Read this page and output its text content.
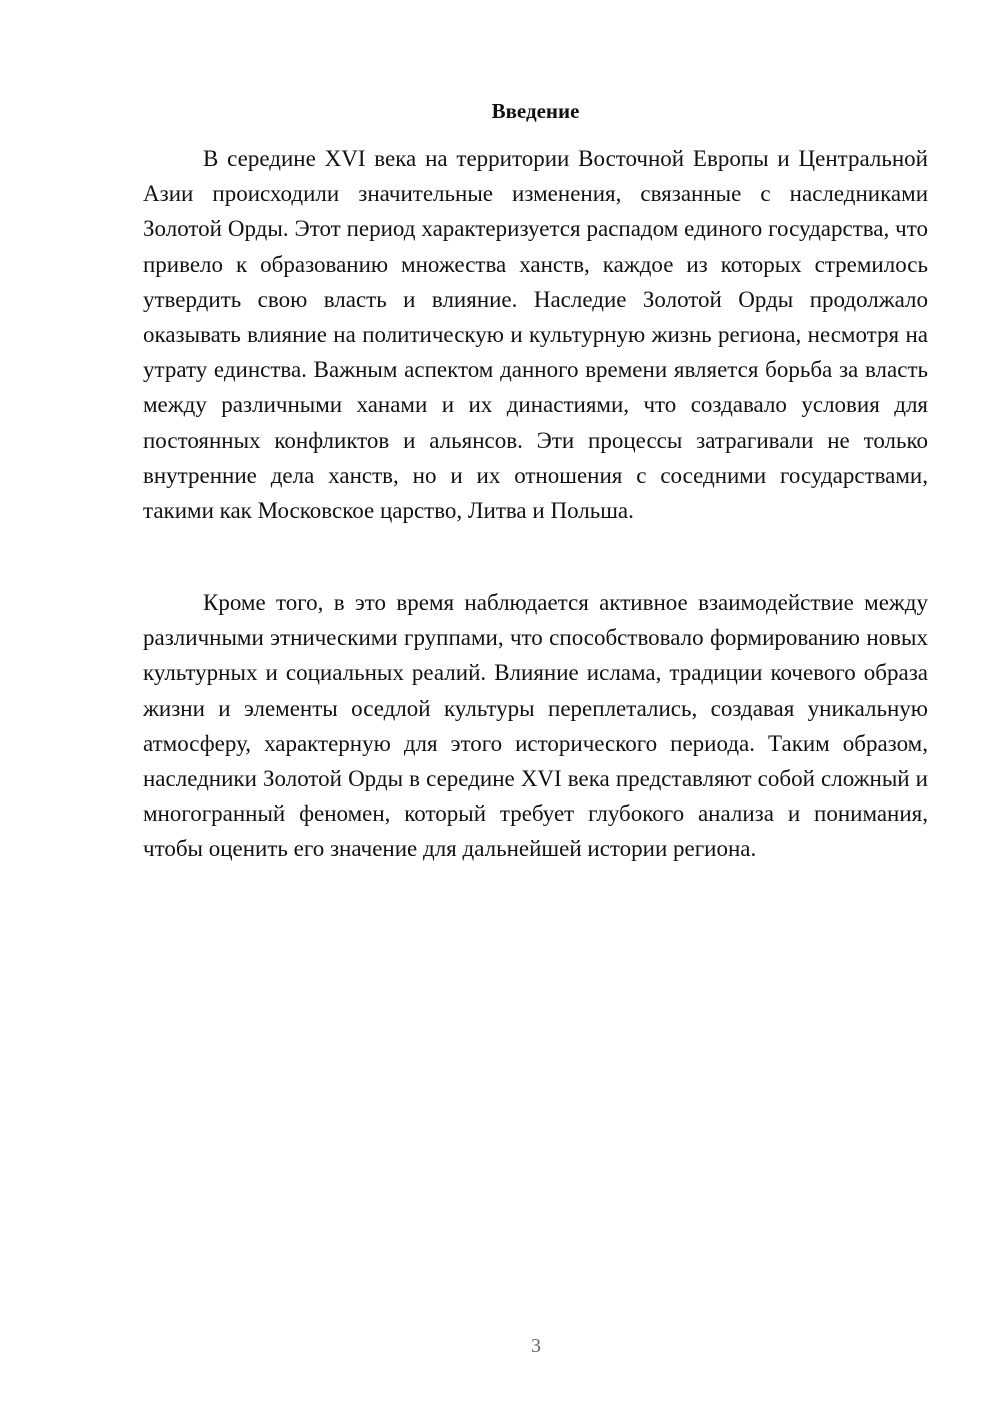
Введение

В середине XVI века на территории Восточной Европы и Центральной Азии происходили значительные изменения, связанные с наследниками Золотой Орды. Этот период характеризуется распадом единого государства, что привело к образованию множества ханств, каждое из которых стремилось утвердить свою власть и влияние. Наследие Золотой Орды продолжало оказывать влияние на политическую и культурную жизнь региона, несмотря на утрату единства. Важным аспектом данного времени является борьба за власть между различными ханами и их династиями, что создавало условия для постоянных конфликтов и альянсов. Эти процессы затрагивали не только внутренние дела ханств, но и их отношения с соседними государствами, такими как Московское царство, Литва и Польша.

Кроме того, в это время наблюдается активное взаимодействие между различными этническими группами, что способствовало формированию новых культурных и социальных реалий. Влияние ислама, традиции кочевого образа жизни и элементы оседлой культуры переплетались, создавая уникальную атмосферу, характерную для этого исторического периода. Таким образом, наследники Золотой Орды в середине XVI века представляют собой сложный и многогранный феномен, который требует глубокого анализа и понимания, чтобы оценить его значение для дальнейшей истории региона.

3
